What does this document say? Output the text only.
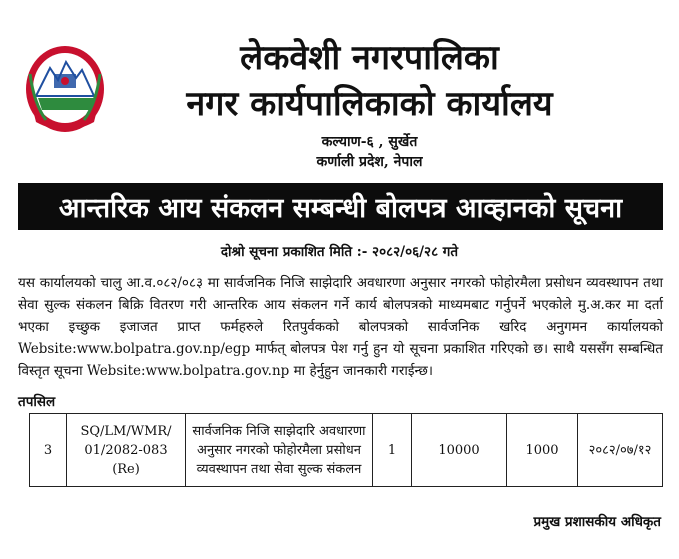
लेकवेशी नगरपालिका
नगर कार्यपालिकाको कार्यालय
कल्याण-६ , सुर्खेत
कर्णाली प्रदेश, नेपाल
आन्तरिक आय संकलन सम्बन्धी बोलपत्र आव्हानको सूचना
दोश्रो सूचना प्रकाशित मिति :- २०८२/०६/२८ गते
यस कार्यालयको चालु आ.व.०८२/०८३ मा सार्वजनिक निजि साझेदारि अवधारणा अनुसार नगरको फोहोरमैला प्रसोधन व्यवस्थापन तथा सेवा सुल्क संकलन बिक्रि वितरण गरी आन्तरिक आय संकलन गर्ने कार्य बोलपत्रको माध्यमबाट गर्नुपर्ने भएकोले मु.अ.कर मा दर्ता भएका इच्छुक इजाजत प्राप्त फर्महरुले रितपुर्वकको बोलपत्रको सार्वजनिक खरिद अनुगमन कार्यालयको Website:www.bolpatra.gov.np/egp मार्फत् बोलपत्र पेश गर्नु हुन यो सूचना प्रकाशित गरिएको छ। साथै यससँग सम्बन्धित विस्तृत सूचना Website:www.bolpatra.gov.np मा हेर्नुहुन जानकारी गराईन्छ।
तपसिल
3	SQ/LM/WMR/ 01/2082-083 (Re)	सार्वजनिक निजि साझेदारि अवधारणा अनुसार नगरको फोहोरमैला प्रसोधन व्यवस्थापन तथा सेवा सुल्क संकलन	1	10000	1000	२०८२/०७/१२
प्रमुख प्रशासकीय अधिकृत
